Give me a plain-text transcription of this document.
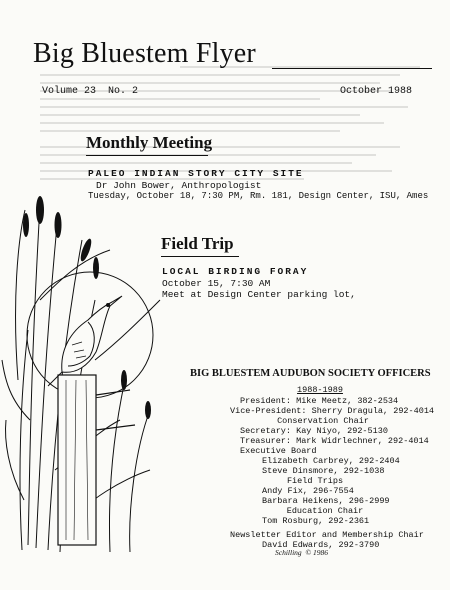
Big Bluestem Flyer
Volume 23 No. 2	October 1988
Monthly Meeting
PALEO INDIAN STORY CITY SITE
Dr John Bower, Anthropologist
Tuesday, October 18, 7:30 PM, Rm. 181, Design Center, ISU, Ames
Field Trip
LOCAL BIRDING FORAY
October 15, 7:30 AM
Meet at Design Center parking lot,
BIG BLUESTEM AUDUBON SOCIETY OFFICERS
1988-1989
President: Mike Meetz, 382-2534
Vice-President: Sherry Dragula, 292-4014
Conservation Chair
Secretary: Kay Niyo, 292-5130
Treasurer: Mark Widrlechner, 292-4014
Executive Board
Elizabeth Carbrey, 292-2404
Steve Dinsmore, 292-1038
Field Trips
Andy Fix, 296-7554
Barbara Heikens, 296-2999
Education Chair
Tom Rosburg, 292-2361
Newsletter Editor and Membership Chair
David Edwards, 292-3790
Schilling © 1986
